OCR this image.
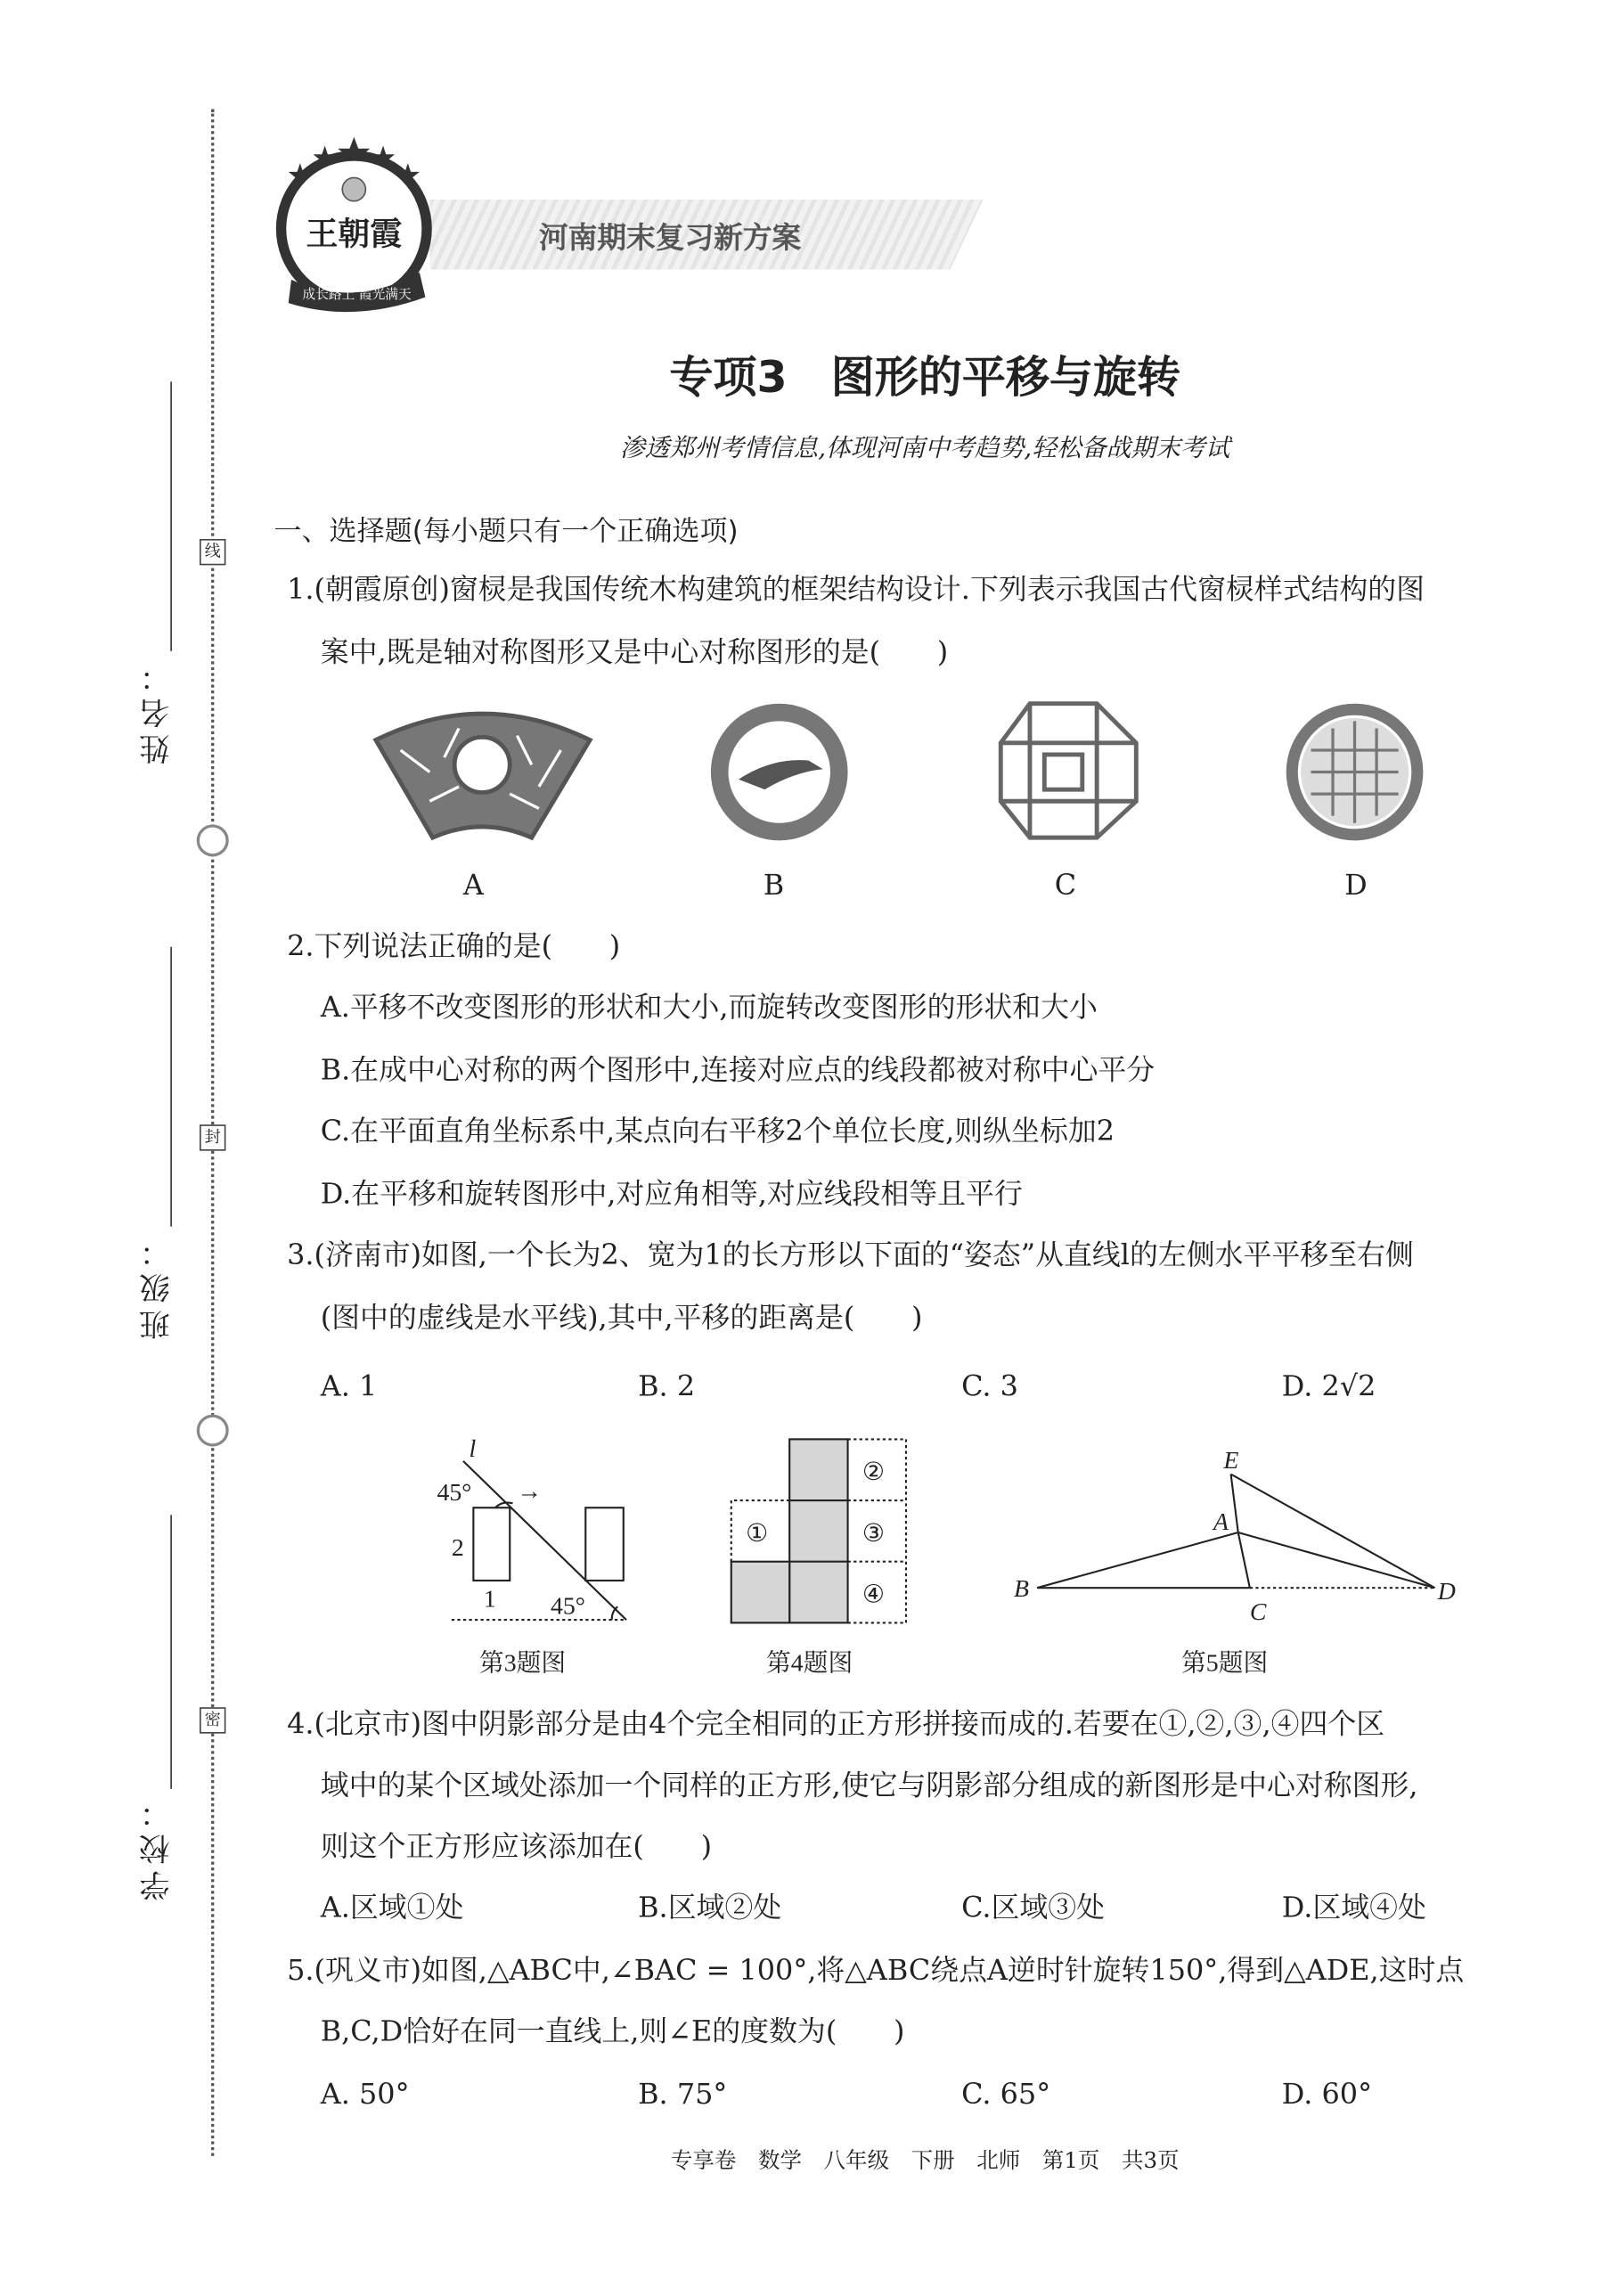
线
封
密
姓名：
班级：
学校：
河南期末复习新方案
王朝霞
成长路上 霞光满天
专项3　图形的平移与旋转
渗透郑州考情信息,体现河南中考趋势,轻松备战期末考试
一、选择题(每小题只有一个正确选项)
1.(朝霞原创)窗棂是我国传统木构建筑的框架结构设计.下列表示我国古代窗棂样式结构的图
案中,既是轴对称图形又是中心对称图形的是(　　)
A	B	C	D
2.下列说法正确的是(　　)
A.平移不改变图形的形状和大小,而旋转改变图形的形状和大小
B.在成中心对称的两个图形中,连接对应点的线段都被对称中心平分
C.在平面直角坐标系中,某点向右平移2个单位长度,则纵坐标加2
D.在平移和旋转图形中,对应角相等,对应线段相等且平行
3.(济南市)如图,一个长为2、宽为1的长方形以下面的“姿态”从直线l的左侧水平平移至右侧
(图中的虚线是水平线),其中,平移的距离是(　　)
A. 1	B. 2	C. 3	D. 2√2
l
45°	→
2
1	45°
①
②
③
④
E
A
B
C
D
第3题图	第4题图	第5题图
4.(北京市)图中阴影部分是由4个完全相同的正方形拼接而成的.若要在①,②,③,④四个区
域中的某个区域处添加一个同样的正方形,使它与阴影部分组成的新图形是中心对称图形,
则这个正方形应该添加在(　　)
A.区域①处	B.区域②处	C.区域③处	D.区域④处
5.(巩义市)如图,△ABC中,∠BAC = 100°,将△ABC绕点A逆时针旋转150°,得到△ADE,这时点
B,C,D恰好在同一直线上,则∠E的度数为(　　)
A. 50°	B. 75°	C. 65°	D. 60°
专享卷　数学　八年级　下册　北师　第1页　共3页
